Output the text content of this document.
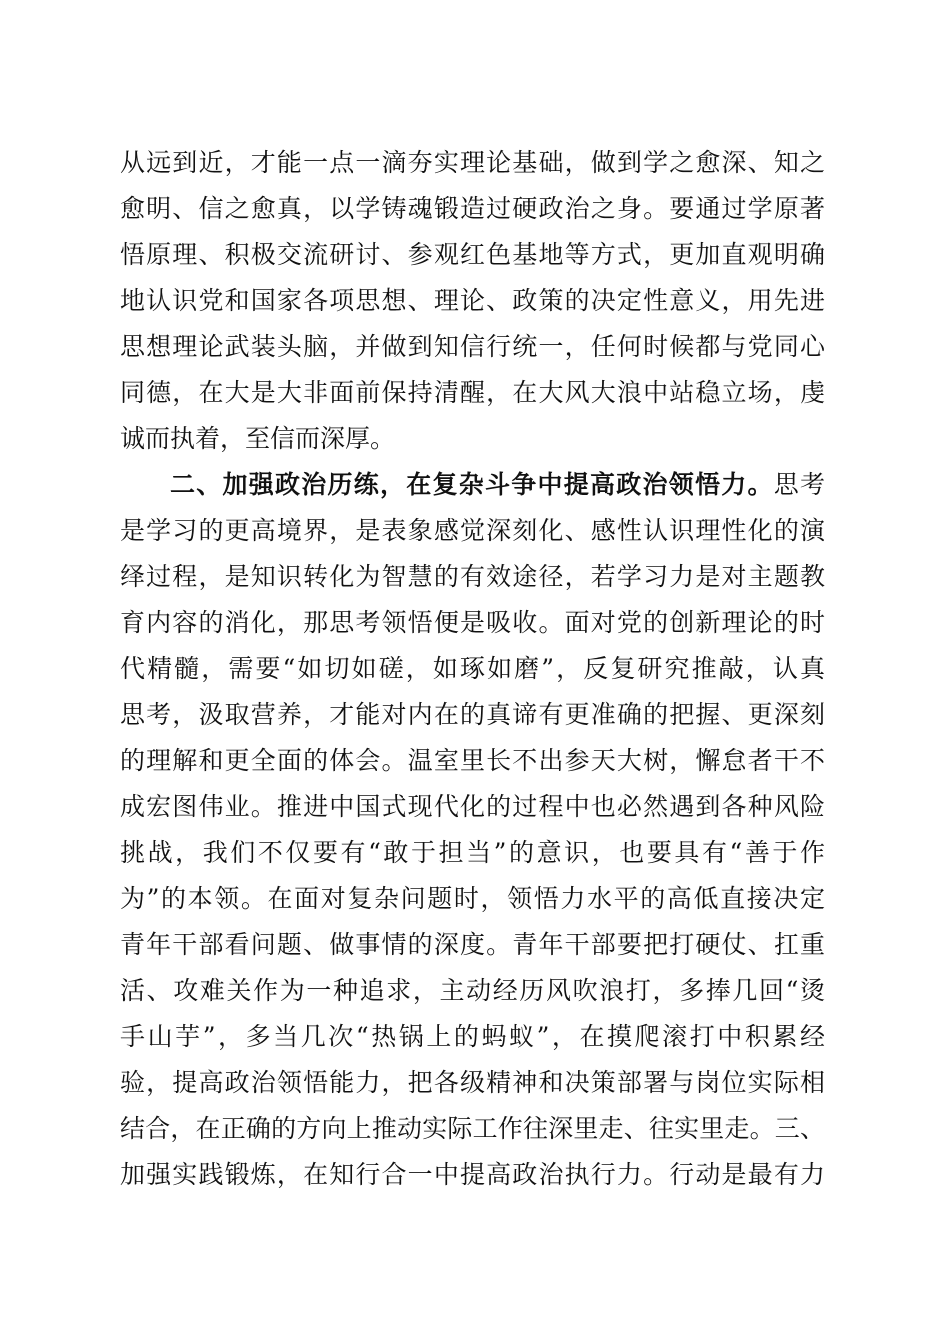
从远到近，才能一点一滴夯实理论基础，做到学之愈深、知之
愈明、信之愈真，以学铸魂锻造过硬政治之身。要通过学原著
悟原理、积极交流研讨、参观红色基地等方式，更加直观明确
地认识党和国家各项思想、理论、政策的决定性意义，用先进
思想理论武装头脑，并做到知信行统一，任何时候都与党同心
同德，在大是大非面前保持清醒，在大风大浪中站稳立场，虔
诚而执着，至信而深厚。
二、加强政治历练，在复杂斗争中提高政治领悟力。思考
是学习的更高境界，是表象感觉深刻化、感性认识理性化的演
绎过程，是知识转化为智慧的有效途径，若学习力是对主题教
育内容的消化，那思考领悟便是吸收。面对党的创新理论的时
代精髓，需要“如切如磋，如琢如磨”，反复研究推敲，认真
思考，汲取营养，才能对内在的真谛有更准确的把握、更深刻
的理解和更全面的体会。温室里长不出参天大树，懈怠者干不
成宏图伟业。推进中国式现代化的过程中也必然遇到各种风险
挑战，我们不仅要有“敢于担当”的意识，也要具有“善于作
为”的本领。在面对复杂问题时，领悟力水平的高低直接决定
青年干部看问题、做事情的深度。青年干部要把打硬仗、扛重
活、攻难关作为一种追求，主动经历风吹浪打，多捧几回“烫
手山芋”，多当几次“热锅上的蚂蚁”，在摸爬滚打中积累经
验，提高政治领悟能力，把各级精神和决策部署与岗位实际相
结合，在正确的方向上推动实际工作往深里走、往实里走。三、
加强实践锻炼，在知行合一中提高政治执行力。行动是最有力
